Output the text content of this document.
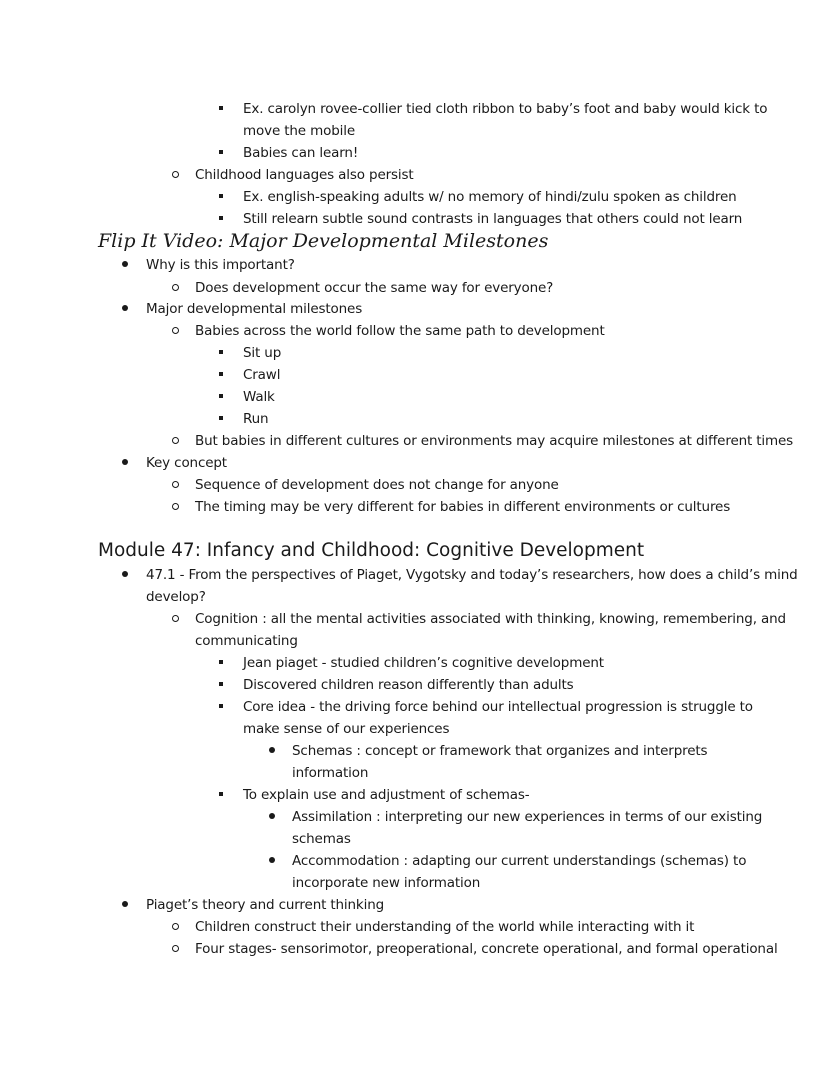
Ex. carolyn rovee-collier tied cloth ribbon to baby’s foot and baby would kick to
move the mobile
Babies can learn!
Childhood languages also persist
Ex. english-speaking adults w/ no memory of hindi/zulu spoken as children
Still relearn subtle sound contrasts in languages that others could not learn
Flip It Video: Major Developmental Milestones
Why is this important?
Does development occur the same way for everyone?
Major developmental milestones
Babies across the world follow the same path to development
Sit up
Crawl
Walk
Run
But babies in different cultures or environments may acquire milestones at different times
Key concept
Sequence of development does not change for anyone
The timing may be very different for babies in different environments or cultures
Module 47: Infancy and Childhood: Cognitive Development
47.1 - From the perspectives of Piaget, Vygotsky and today’s researchers, how does a child’s mind
develop?
Cognition : all the mental activities associated with thinking, knowing, remembering, and
communicating
Jean piaget - studied children’s cognitive development
Discovered children reason differently than adults
Core idea - the driving force behind our intellectual progression is struggle to
make sense of our experiences
Schemas : concept or framework that organizes and interprets
information
To explain use and adjustment of schemas-
Assimilation : interpreting our new experiences in terms of our existing
schemas
Accommodation : adapting our current understandings (schemas) to
incorporate new information
Piaget’s theory and current thinking
Children construct their understanding of the world while interacting with it
Four stages- sensorimotor, preoperational, concrete operational, and formal operational
